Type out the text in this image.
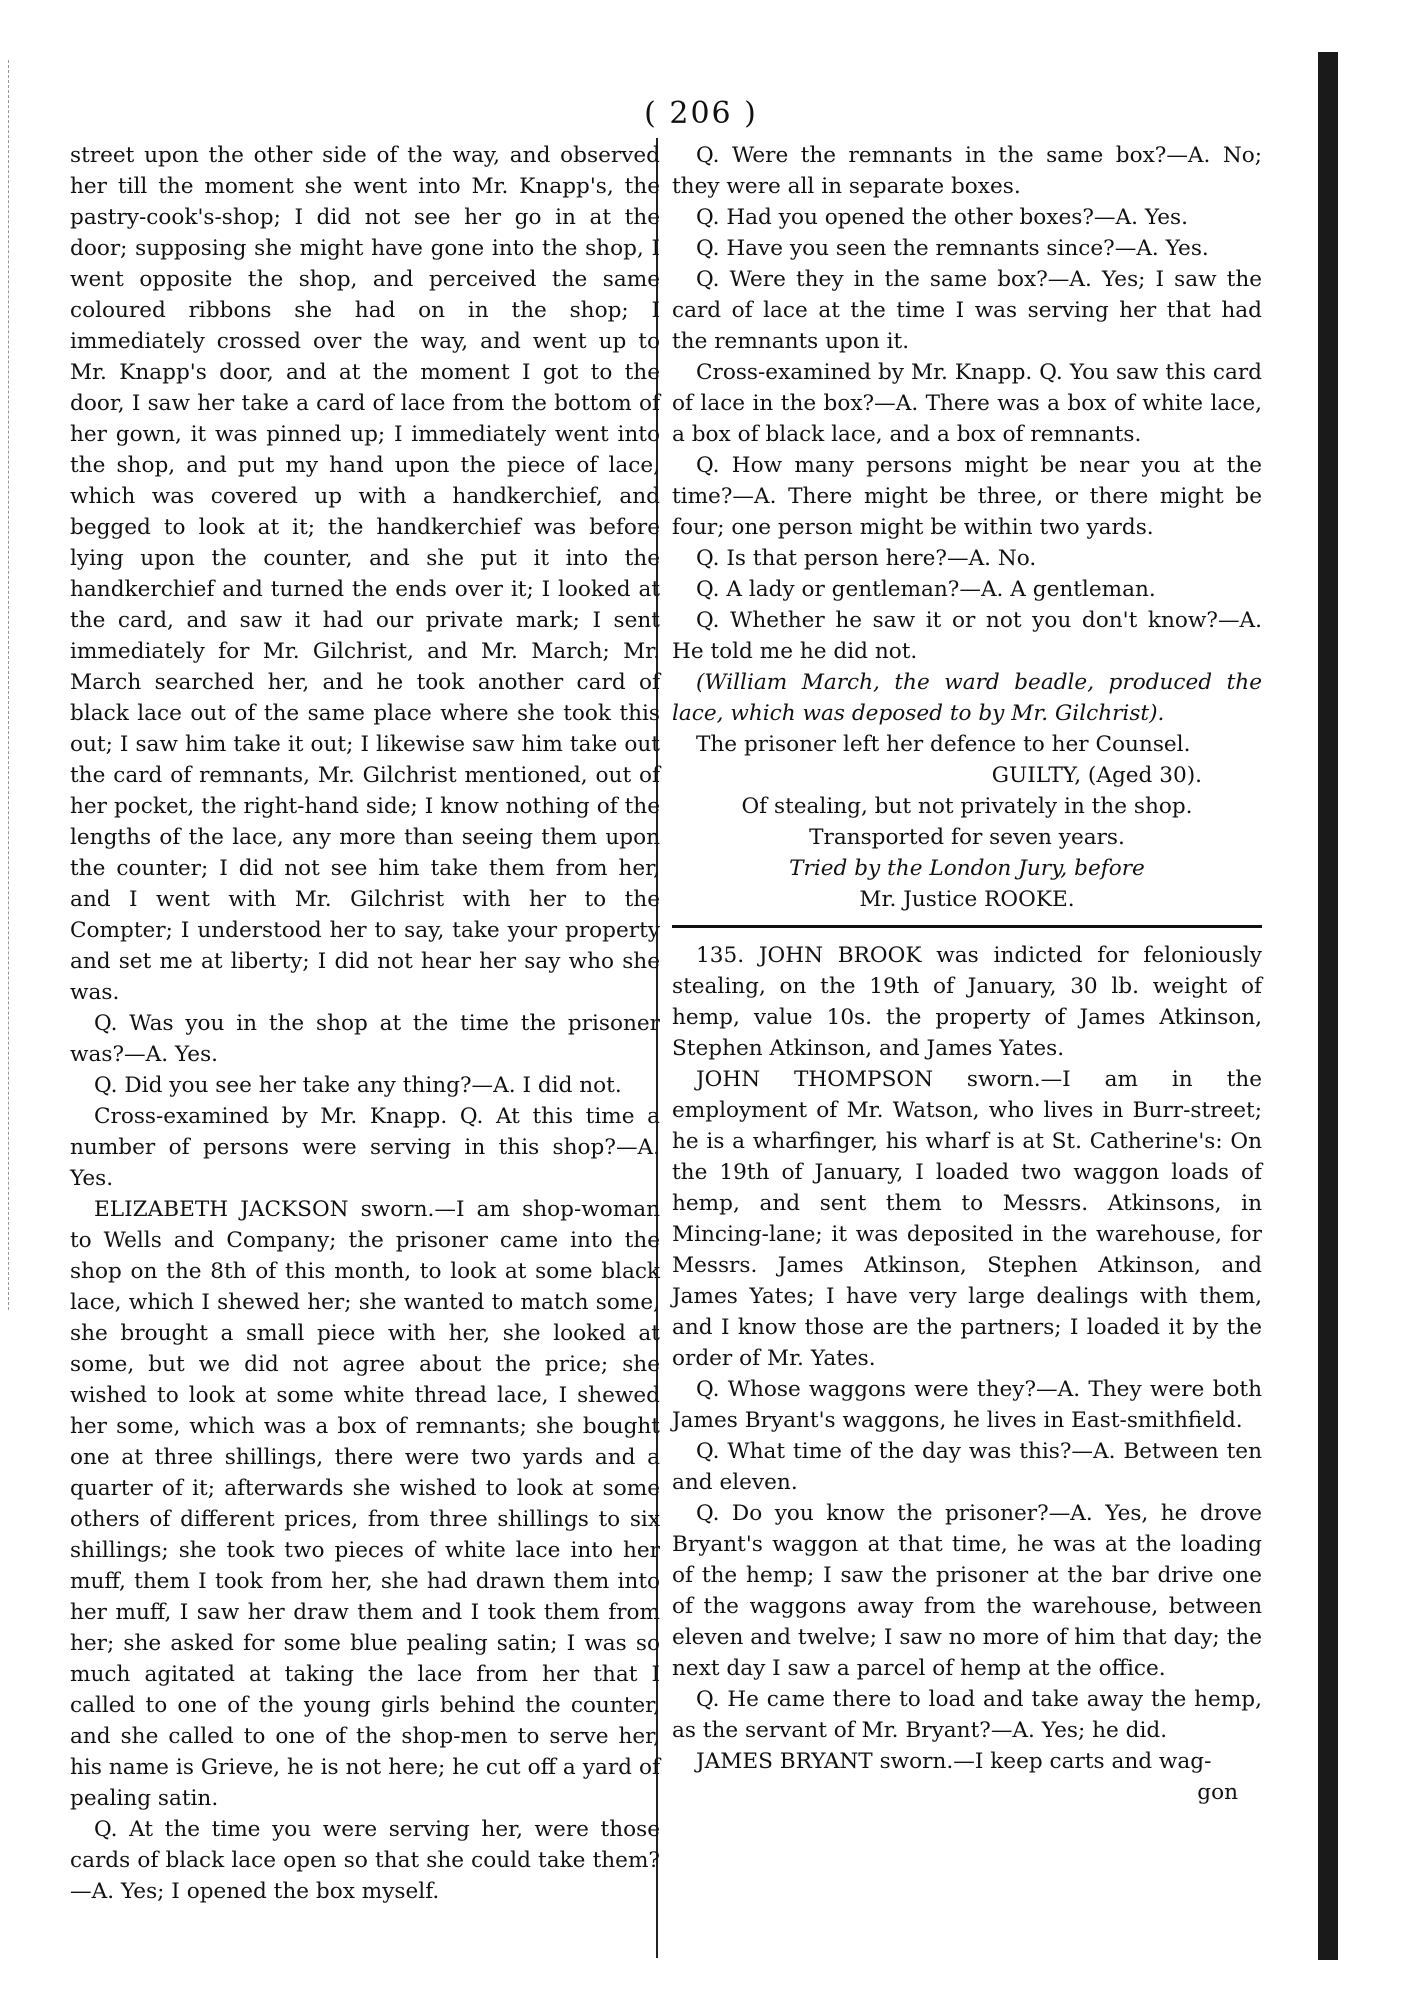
( 206 )

street upon the other side of the way, and observed her till the moment she went into Mr. Knapp's, the pastry-cook's-shop; I did not see her go in at the door; supposing she might have gone into the shop, I went opposite the shop, and perceived the same coloured ribbons she had on in the shop; I immediately crossed over the way, and went up to Mr. Knapp's door, and at the moment I got to the door, I saw her take a card of lace from the bottom of her gown, it was pinned up; I immediately went into the shop, and put my hand upon the piece of lace, which was covered up with a handkerchief, and begged to look at it; the handkerchief was before lying upon the counter, and she put it into the handkerchief and turned the ends over it; I looked at the card, and saw it had our private mark; I sent immediately for Mr. Gilchrist, and Mr. March; Mr. March searched her, and he took another card of black lace out of the same place where she took this out; I saw him take it out; I likewise saw him take out the card of remnants, Mr. Gilchrist mentioned, out of her pocket, the right-hand side; I know nothing of the lengths of the lace, any more than seeing them upon the counter; I did not see him take them from her, and I went with Mr. Gilchrist with her to the Compter; I understood her to say, take your property and set me at liberty; I did not hear her say who she was.

Q. Was you in the shop at the time the prisoner was?—A. Yes.

Q. Did you see her take any thing?—A. I did not.

Cross-examined by Mr. Knapp. Q. At this time a number of persons were serving in this shop?—A. Yes.

ELIZABETH JACKSON sworn.—I am shop-woman to Wells and Company; the prisoner came into the shop on the 8th of this month, to look at some black lace, which I shewed her; she wanted to match some, she brought a small piece with her, she looked at some, but we did not agree about the price; she wished to look at some white thread lace, I shewed her some, which was a box of remnants; she bought one at three shillings, there were two yards and a quarter of it; afterwards she wished to look at some others of different prices, from three shillings to six shillings; she took two pieces of white lace into her muff, them I took from her, she had drawn them into her muff, I saw her draw them and I took them from her; she asked for some blue pealing satin; I was so much agitated at taking the lace from her that I called to one of the young girls behind the counter, and she called to one of the shop-men to serve her, his name is Grieve, he is not here; he cut off a yard of pealing satin.

Q. At the time you were serving her, were those cards of black lace open so that she could take them?—A. Yes; I opened the box myself.

Q. Were the remnants in the same box?—A. No; they were all in separate boxes.

Q. Had you opened the other boxes?—A. Yes.

Q. Have you seen the remnants since?—A. Yes.

Q. Were they in the same box?—A. Yes; I saw the card of lace at the time I was serving her that had the remnants upon it.

Cross-examined by Mr. Knapp. Q. You saw this card of lace in the box?—A. There was a box of white lace, a box of black lace, and a box of remnants.

Q. How many persons might be near you at the time?—A. There might be three, or there might be four; one person might be within two yards.

Q. Is that person here?—A. No.

Q. A lady or gentleman?—A. A gentleman.

Q. Whether he saw it or not you don't know?—A. He told me he did not.

(William March, the ward beadle, produced the lace, which was deposed to by Mr. Gilchrist).

The prisoner left her defence to her Counsel.

GUILTY, (Aged 30).

Of stealing, but not privately in the shop.

Transported for seven years.

Tried by the London Jury, before

Mr. Justice ROOKE.

135. JOHN BROOK was indicted for feloniously stealing, on the 19th of January, 30 lb. weight of hemp, value 10s. the property of James Atkinson, Stephen Atkinson, and James Yates.

JOHN THOMPSON sworn.—I am in the employment of Mr. Watson, who lives in Burr-street; he is a wharfinger, his wharf is at St. Catherine's: On the 19th of January, I loaded two waggon loads of hemp, and sent them to Messrs. Atkinsons, in Mincing-lane; it was deposited in the warehouse, for Messrs. James Atkinson, Stephen Atkinson, and James Yates; I have very large dealings with them, and I know those are the partners; I loaded it by the order of Mr. Yates.

Q. Whose waggons were they?—A. They were both James Bryant's waggons, he lives in East-smithfield.

Q. What time of the day was this?—A. Between ten and eleven.

Q. Do you know the prisoner?—A. Yes, he drove Bryant's waggon at that time, he was at the loading of the hemp; I saw the prisoner at the bar drive one of the waggons away from the warehouse, between eleven and twelve; I saw no more of him that day; the next day I saw a parcel of hemp at the office.

Q. He came there to load and take away the hemp, as the servant of Mr. Bryant?—A. Yes; he did.

JAMES BRYANT sworn.—I keep carts and wag-

gon
